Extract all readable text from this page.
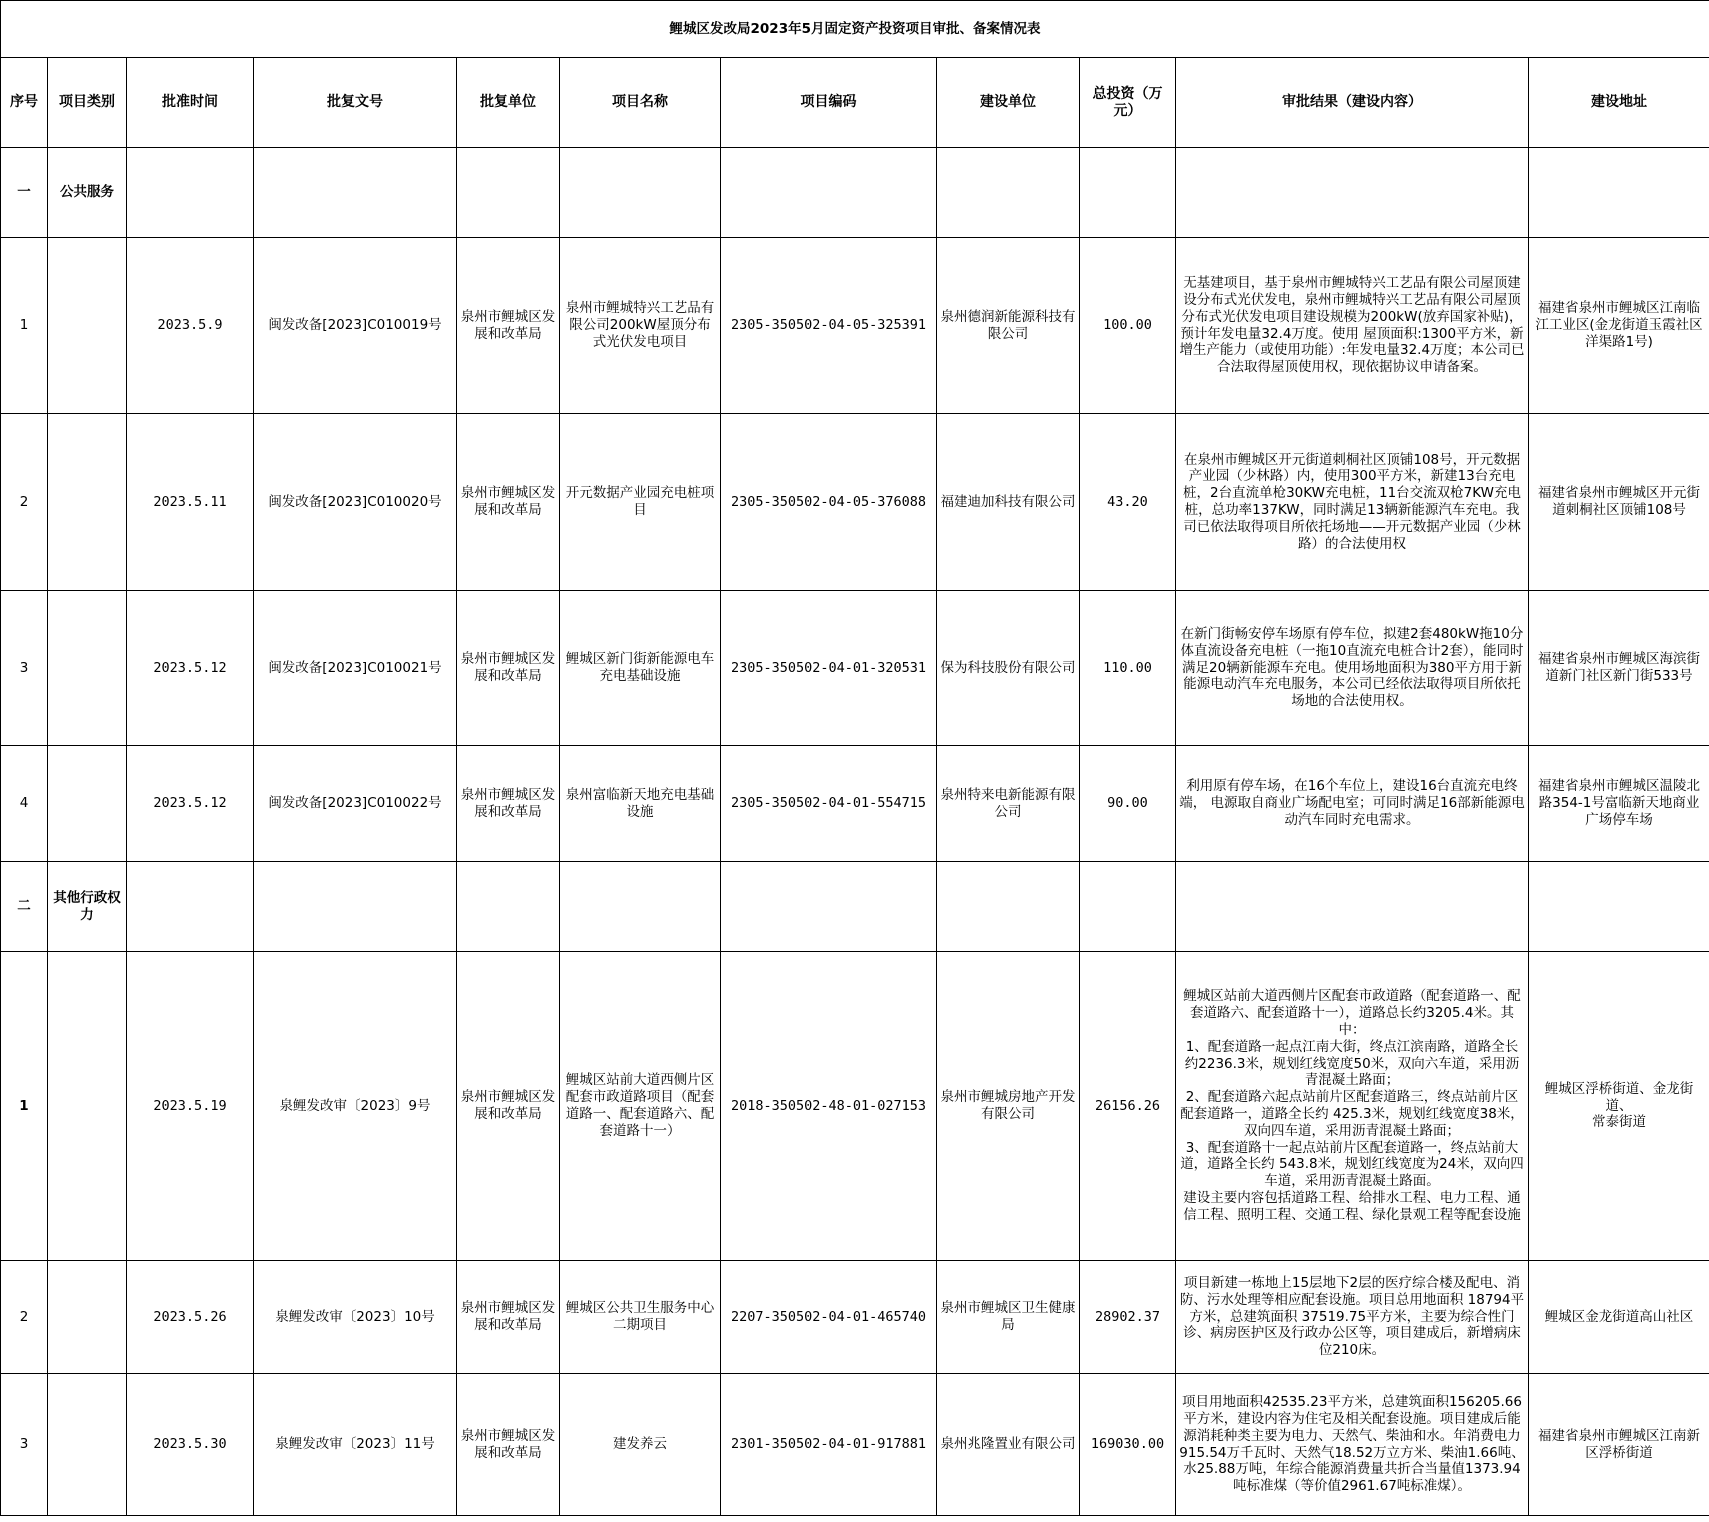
鲤城区发改局2023年5月固定资产投资项目审批、备案情况表										
序号	项目类别	批准时间	批复文号	批复单位	项目名称	项目编码	建设单位	总投资（万元）	审批结果（建设内容）	建设地址
一	公共服务									
1		2023.5.9	闽发改备[2023]C010019号	泉州市鲤城区发展和改革局	泉州市鲤城特兴工艺品有限公司200kW屋顶分布式光伏发电项目	2305-350502-04-05-325391	泉州德润新能源科技有限公司	100.00	无基建项目，基于泉州市鲤城特兴工艺品有限公司屋顶建设分布式光伏发电，泉州市鲤城特兴工艺品有限公司屋顶分布式光伏发电项目建设规模为200kW(放弃国家补贴)，预计年发电量32.4万度。使用 屋顶面积:1300平方米，新增生产能力（或使用功能）:年发电量32.4万度；本公司已合法取得屋顶使用权，现依据协议申请备案。	福建省泉州市鲤城区江南临江工业区(金龙街道玉霞社区洋渠路1号)
2		2023.5.11	闽发改备[2023]C010020号	泉州市鲤城区发展和改革局	开元数据产业园充电桩项目	2305-350502-04-05-376088	福建迪加科技有限公司	43.20	在泉州市鲤城区开元街道刺桐社区顶铺108号，开元数据产业园（少林路）内，使用300平方米，新建13台充电桩，2台直流单枪30KW充电桩，11台交流双枪7KW充电桩，总功率137KW，同时满足13辆新能源汽车充电。我司已依法取得项目所依托场地——开元数据产业园（少林路）的合法使用权	福建省泉州市鲤城区开元街道刺桐社区顶铺108号
3		2023.5.12	闽发改备[2023]C010021号	泉州市鲤城区发展和改革局	鲤城区新门街新能源电车充电基础设施	2305-350502-04-01-320531	保为科技股份有限公司	110.00	在新门街畅安停车场原有停车位，拟建2套480kW拖10分体直流设备充电桩（一拖10直流充电桩合计2套），能同时满足20辆新能源车充电。使用场地面积为380平方用于新能源电动汽车充电服务，本公司已经依法取得项目所依托场地的合法使用权。	福建省泉州市鲤城区海滨街道新门社区新门街533号
4		2023.5.12	闽发改备[2023]C010022号	泉州市鲤城区发展和改革局	泉州富临新天地充电基础设施	2305-350502-04-01-554715	泉州特来电新能源有限公司	90.00	利用原有停车场，在16个车位上，建设16台直流充电终端， 电源取自商业广场配电室；可同时满足16部新能源电动汽车同时充电需求。	福建省泉州市鲤城区温陵北路354-1号富临新天地商业广场停车场
二	其他行政权力									
1		2023.5.19	泉鲤发改审〔2023〕9号	泉州市鲤城区发展和改革局	鲤城区站前大道西侧片区配套市政道路项目（配套道路一、配套道路六、配套道路十一）	2018-350502-48-01-027153	泉州市鲤城房地产开发有限公司	26156.26	鲤城区站前大道西侧片区配套市政道路（配套道路一、配套道路六、配套道路十一），道路总长约3205.4米。其中：
1、配套道路一起点江南大街，终点江滨南路，道路全长约2236.3米，规划红线宽度50米，双向六车道，采用沥青混凝土路面；
2、配套道路六起点站前片区配套道路三，终点站前片区配套道路一，道路全长约 425.3米，规划红线宽度38米，双向四车道，采用沥青混凝土路面；
3、配套道路十一起点站前片区配套道路一，终点站前大道，道路全长约 543.8米，规划红线宽度为24米，双向四车道，采用沥青混凝土路面。
建设主要内容包括道路工程、给排水工程、电力工程、通信工程、照明工程、交通工程、绿化景观工程等配套设施	鲤城区浮桥街道、金龙街道、
常泰街道
2		2023.5.26	泉鲤发改审〔2023〕10号	泉州市鲤城区发展和改革局	鲤城区公共卫生服务中心二期项目	2207-350502-04-01-465740	泉州市鲤城区卫生健康局	28902.37	项目新建一栋地上15层地下2层的医疗综合楼及配电、消防、污水处理等相应配套设施。项目总用地面积 18794平方米，总建筑面积 37519.75平方米，主要为综合性门诊、病房医护区及行政办公区等，项目建成后，新增病床位210床。	鲤城区金龙街道高山社区
3		2023.5.30	泉鲤发改审〔2023〕11号	泉州市鲤城区发展和改革局	建发养云	2301-350502-04-01-917881	泉州兆隆置业有限公司	169030.00	项目用地面积42535.23平方米，总建筑面积156205.66平方米，建设内容为住宅及相关配套设施。项目建成后能源消耗种类主要为电力、天然气、柴油和水。年消费电力915.54万千瓦时、天然气18.52万立方米、柴油1.66吨、水25.88万吨，年综合能源消费量共折合当量值1373.94吨标准煤（等价值2961.67吨标准煤）。	福建省泉州市鲤城区江南新区浮桥街道
